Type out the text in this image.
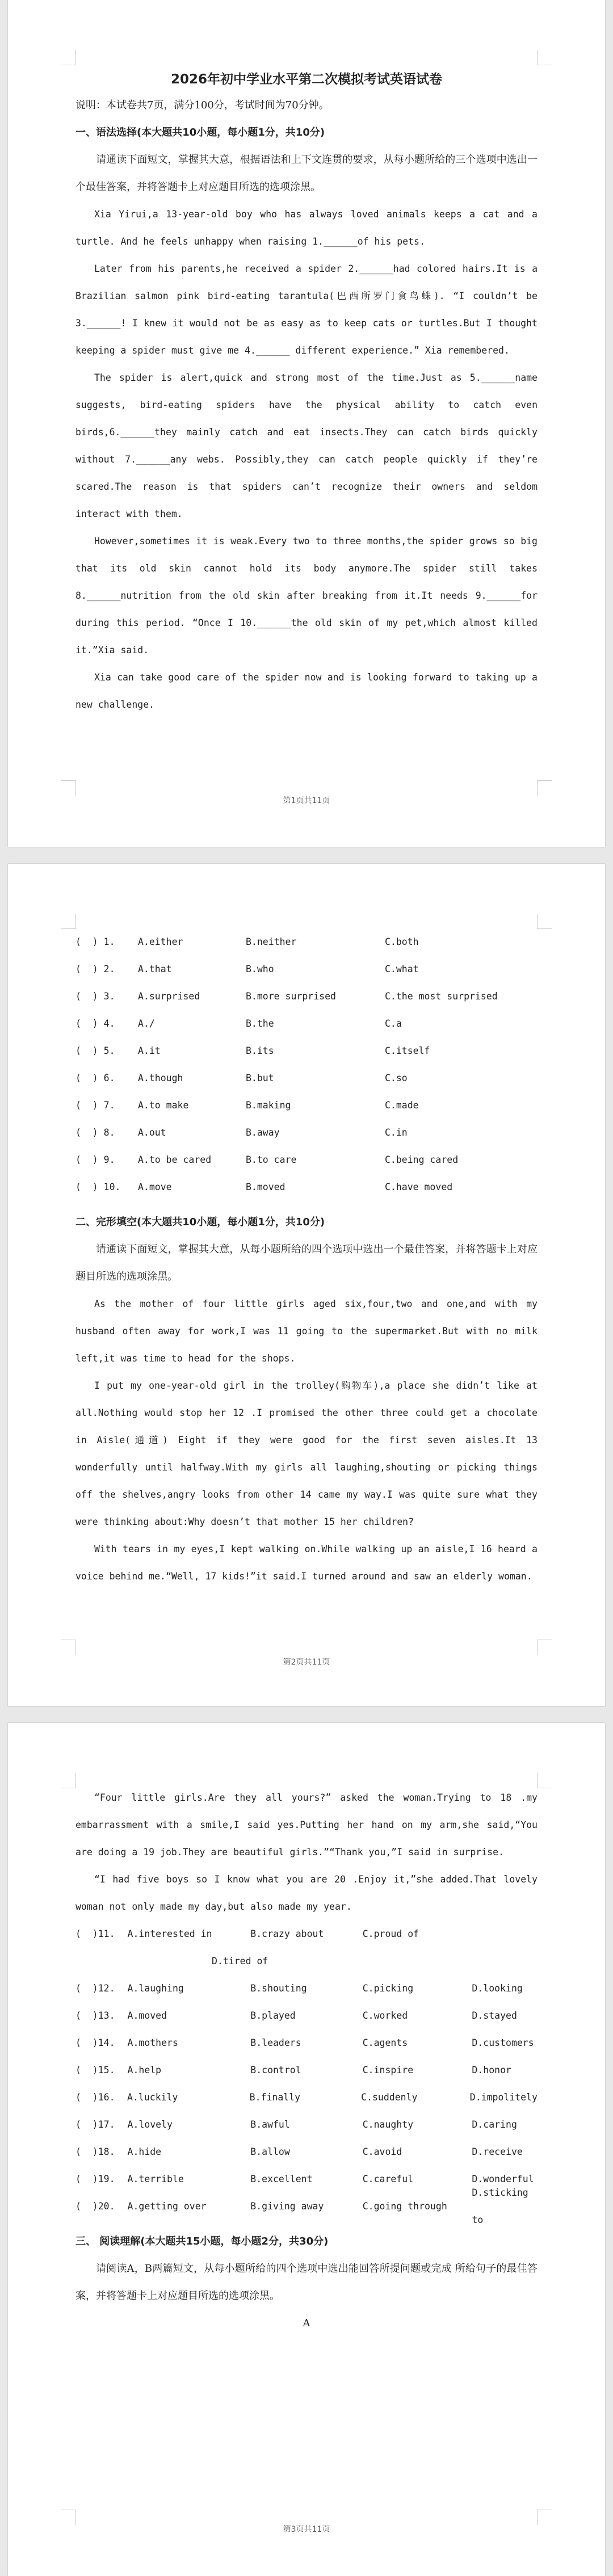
2026年初中学业水平第二次模拟考试英语试卷

说明：本试卷共7页，满分100分，考试时间为70分钟。

一、语法选择(本大题共10小题，每小题1分，共10分)

请通读下面短文，掌握其大意，根据语法和上下文连贯的要求，从每小题所给的三个选项中选出一个最佳答案，并将答题卡上对应题目所选的选项涂黑。

Xia Yirui,a 13-year-old boy who has always loved animals keeps a cat and a turtle. And he feels unhappy when raising 1.______of his pets.

Later from his parents,he received a spider 2.______had colored hairs.It is a Brazilian salmon pink bird-eating tarantula(巴西所罗门食鸟蛛). “I couldn’t be 3.______! I knew it would not be as easy as to keep cats or turtles.But I thought keeping a spider must give me 4.______ different experience.” Xia remembered.

The spider is alert,quick and strong most of the time.Just as 5.______name suggests, bird-eating spiders have the physical ability to catch even birds,6.______they mainly catch and eat insects.They can catch birds quickly without 7.______any webs. Possibly,they can catch people quickly if they’re scared.The reason is that spiders can’t recognize their owners and seldom interact with them.

However,sometimes it is weak.Every two to three months,the spider grows so big that its old skin cannot hold its body anymore.The spider still takes 8.______nutrition from the old skin after breaking from it.It needs 9.______for during this period. “Once I 10.______the old skin of my pet,which almost killed it.”Xia said.

Xia can take good care of the spider now and is looking forward to taking up a new challenge.

第1页共11页
(  ) 1.	A.either	B.neither	C.both
(  ) 2.	A.that	B.who	C.what
(  ) 3.	A.surprised	B.more surprised	C.the most surprised
(  ) 4.	A./	B.the	C.a
(  ) 5.	A.it	B.its	C.itself
(  ) 6.	A.though	B.but	C.so
(  ) 7.	A.to make	B.making	C.made
(  ) 8.	A.out	B.away	C.in
(  ) 9.	A.to be cared	B.to care	C.being cared
(  ) 10.	A.move	B.moved	C.have moved

二、完形填空(本大题共10小题，每小题1分，共10分)

请通读下面短文，掌握其大意，从每小题所给的四个选项中选出一个最佳答案，并将答题卡上对应题目所选的选项涂黑。

As the mother of four little girls aged six,four,two and one,and with my husband often away for work,I was 11 going to the supermarket.But with no milk left,it was time to head for the shops.

I put my one-year-old girl in the trolley(购物车),a place she didn’t like at all.Nothing would stop her 12 .I promised the other three could get a chocolate in Aisle(通道) Eight if they were good for the first seven aisles.It 13 wonderfully until halfway.With my girls all laughing,shouting or picking things off the shelves,angry looks from other 14 came my way.I was quite sure what they were thinking about:Why doesn’t that mother 15 her children?

With tears in my eyes,I kept walking on.While walking up an aisle,I 16 heard a voice behind me.“Well, 17 kids!”it said.I turned around and saw an elderly woman.

第2页共11页

“Four little girls.Are they all yours?” asked the woman.Trying to 18 .my embarrassment with a smile,I said yes.Putting her hand on my arm,she said,“You are doing a 19 job.They are beautiful girls.”“Thank you,”I said in surprise.

“I had five boys so I know what you are 20 .Enjoy it,”she added.That lovely woman not only made my day,but also made my year.

(  )11.	A.interested in	B.crazy about	C.proud of
D.tired of
(  )12.	A.laughing	B.shouting	C.picking	D.looking
(  )13.	A.moved	B.played	C.worked	D.stayed
(  )14.	A.mothers	B.leaders	C.agents	D.customers
(  )15.	A.help	B.control	C.inspire	D.honor
(  )16.	A.luckily	B.finally	C.suddenly	D.impolitely
(  )17.	A.lovely	B.awful	C.naughty	D.caring
(  )18.	A.hide	B.allow	C.avoid	D.receive
(  )19.	A.terrible	B.excellent	C.careful	D.wonderful
(  )20.	A.getting over	B.giving away	C.going through
D.sticking to

三、 阅读理解(本大题共15小题，每小题2分，共30分)

请阅读A，B两篇短文，从每小题所给的四个选项中选出能回答所提问题或完成 所给句子的最佳答案，并将答题卡上对应题目所选的选项涂黑。

A

第3页共11页
